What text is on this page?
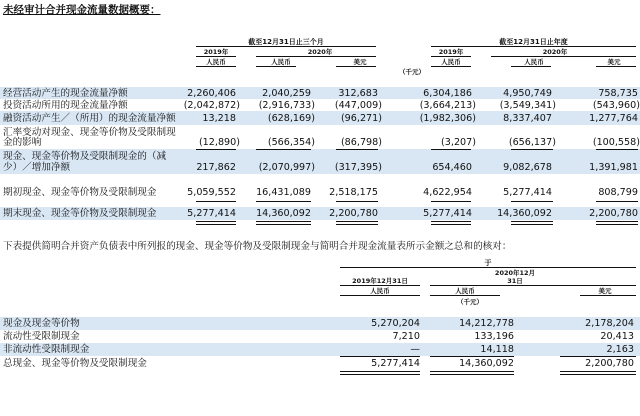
未经审计合并现金流量数据概要：
截至12月31日止三个月	截至12月31日止年度
2019年	2020年	2019年	2020年
人民币	人民币	美元	人民币	人民币	美元
（千元）
经营活动产生的现金流量净额	2,260,406	2,040,259	312,683	6,304,186	4,950,749	758,735
投资活动所用的现金流量净额	(2,042,872)	(2,916,733)	(447,009)	(3,664,213)	(3,549,341)	(543,960)
融资活动产生／（所用）的现金流量净额	13,218	(628,169)	(96,271)	(1,982,306)	8,337,407	1,277,764
汇率变动对现金、现金等价物及受限制现
金的影响	(12,890)	(566,354)	(86,798)	(3,207)	(656,137)	(100,558)
现金、现金等价物及受限制现金的（减
少）／增加净额	217,862	(2,070,997)	(317,395)	654,460	9,082,678	1,391,981
期初现金、现金等价物及受限制现金	5,059,552	16,431,089	2,518,175	4,622,954	5,277,414	808,799
期末现金、现金等价物及受限制现金	5,277,414	14,360,092	2,200,780	5,277,414	14,360,092	2,200,780
下表提供简明合并资产负债表中所列报的现金、现金等价物及受限制现金与简明合并现金流量表所示金额之总和的核对：
于
2020年12月
2019年12月31日	31日
人民币	人民币	美元
（千元）
现金及现金等价物	5,270,204	14,212,778	2,178,204
流动性受限制现金	7,210	133,196	20,413
非流动性受限制现金	—	14,118	2,163
总现金、现金等价物及受限制现金	5,277,414	14,360,092	2,200,780
